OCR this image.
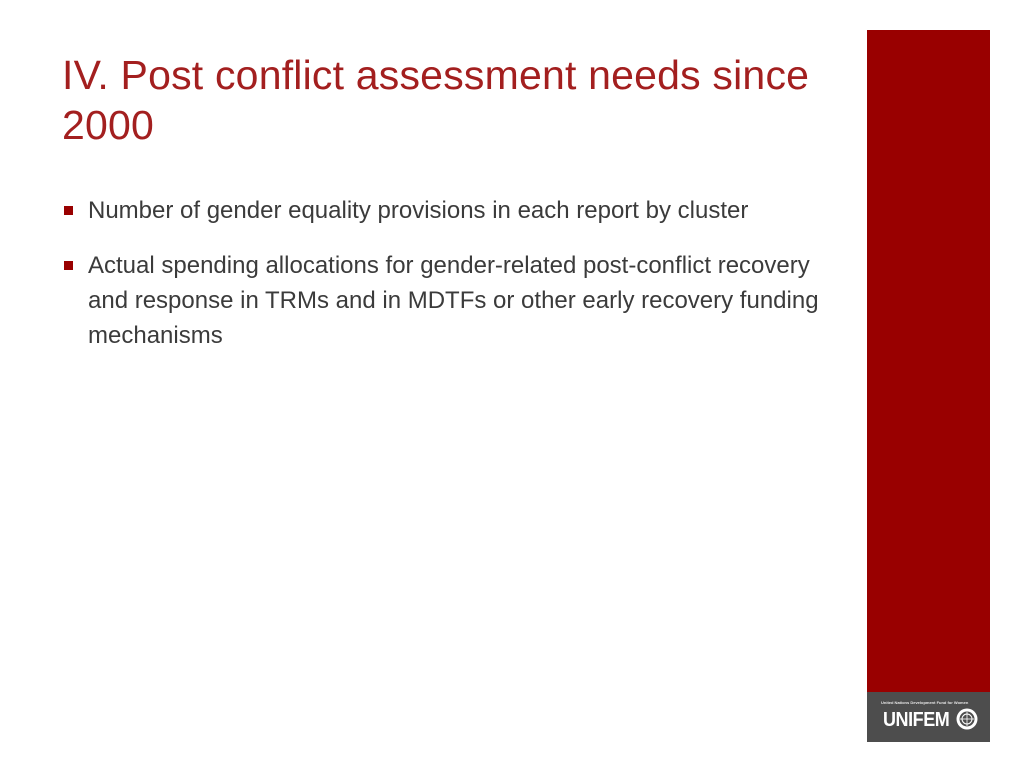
IV. Post conflict assessment needs since 2000
Number of gender equality provisions in each report by cluster
Actual spending allocations for gender-related post-conflict recovery and response in TRMs and in MDTFs or other early recovery funding mechanisms
United Nations Development Fund for Women
UNIFEM
